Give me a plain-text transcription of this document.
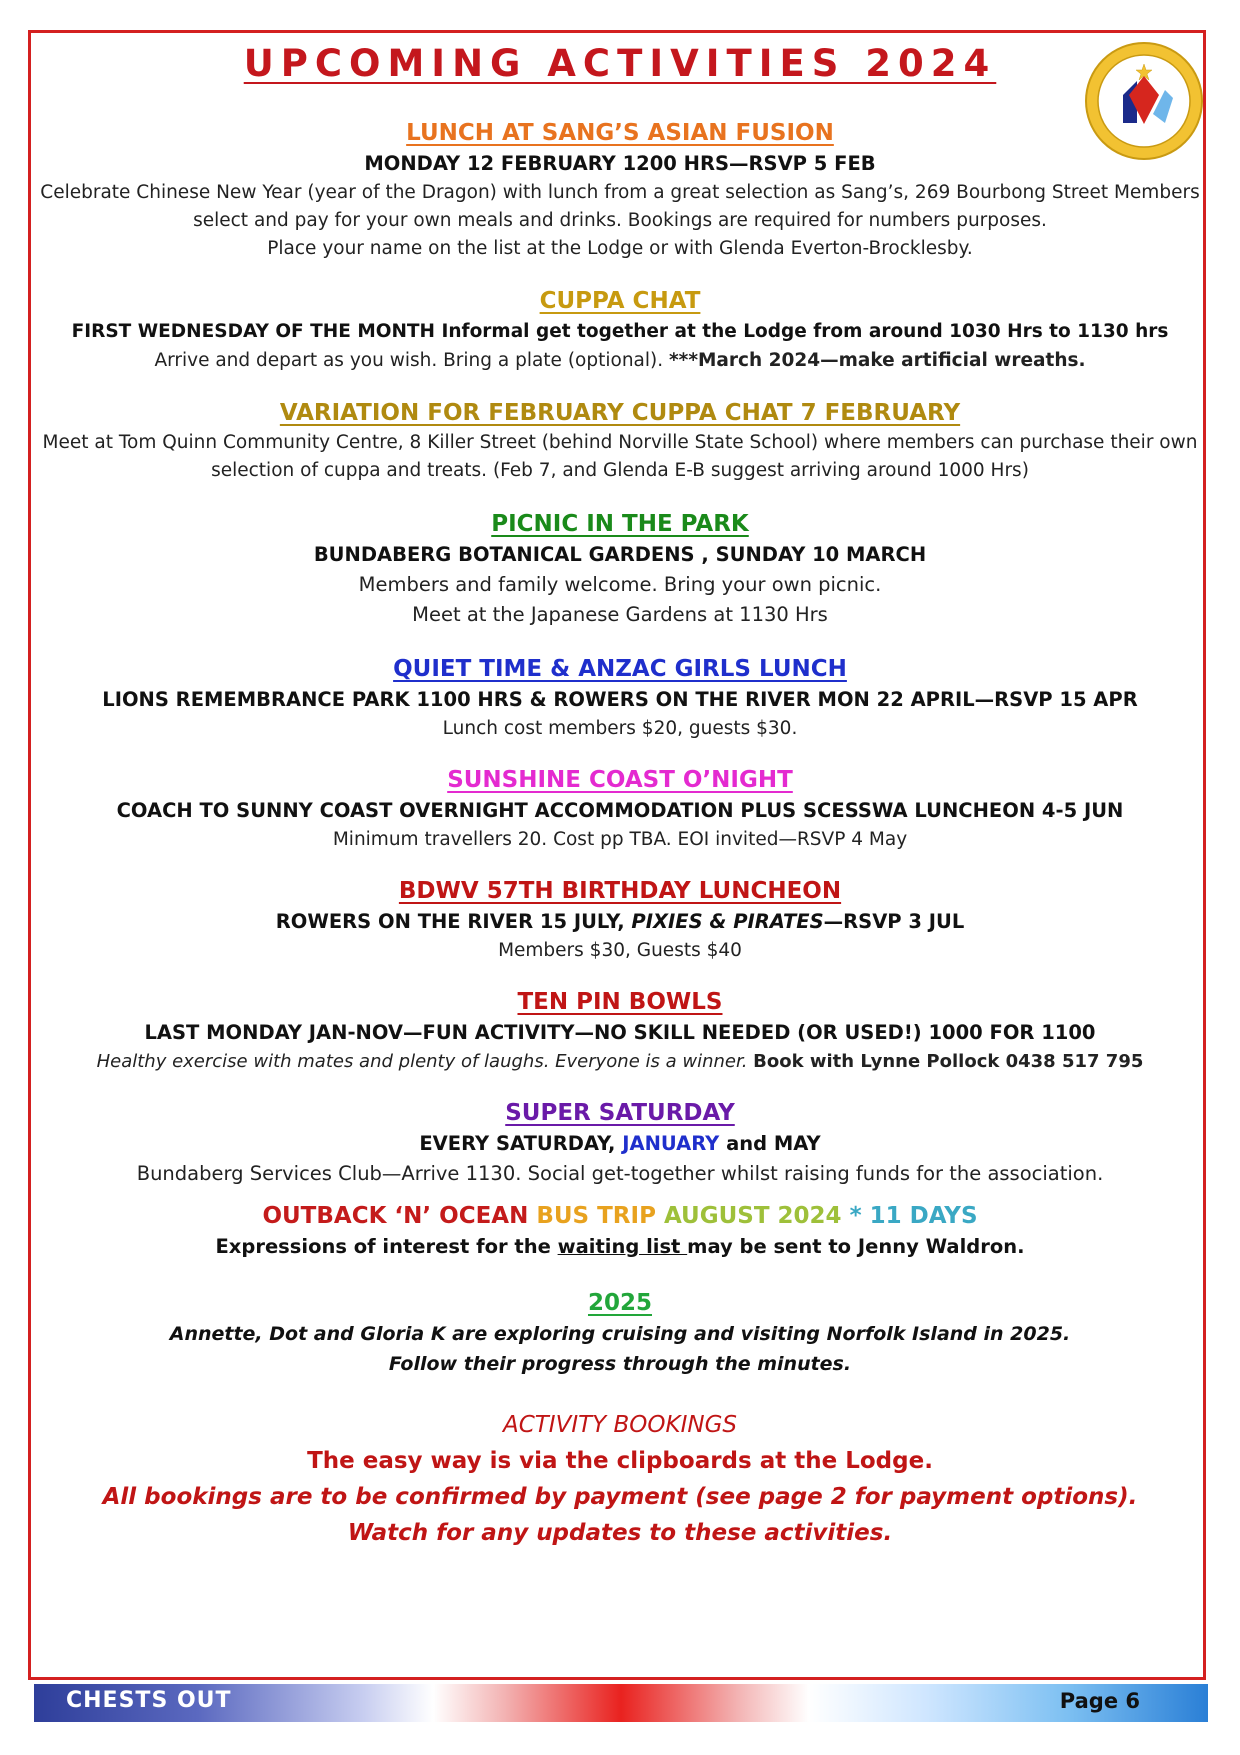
UPCOMING ACTIVITIES 2024

LUNCH AT SANG’S ASIAN FUSION

MONDAY 12 FEBRUARY 1200 HRS—RSVP 5 FEB

Celebrate Chinese New Year (year of the Dragon) with lunch from a great selection as Sang’s, 269 Bourbong Street Members

select and pay for your own meals and drinks. Bookings are required for numbers purposes.

Place your name on the list at the Lodge or with Glenda Everton-Brocklesby.

CUPPA CHAT

FIRST WEDNESDAY OF THE MONTH Informal get together at the Lodge from around 1030 Hrs to 1130 hrs

Arrive and depart as you wish. Bring a plate (optional). ***March 2024—make artificial wreaths.

VARIATION FOR FEBRUARY CUPPA CHAT 7 FEBRUARY

Meet at Tom Quinn Community Centre, 8 Killer Street (behind Norville State School) where members can purchase their own

selection of cuppa and treats. (Feb 7, and Glenda E-B suggest arriving around 1000 Hrs)

PICNIC IN THE PARK

BUNDABERG BOTANICAL GARDENS , SUNDAY 10 MARCH

Members and family welcome. Bring your own picnic.

Meet at the Japanese Gardens at 1130 Hrs

QUIET TIME & ANZAC GIRLS LUNCH

LIONS REMEMBRANCE PARK 1100 HRS & ROWERS ON THE RIVER MON 22 APRIL—RSVP 15 APR

Lunch cost members $20, guests $30.

SUNSHINE COAST O’NIGHT

COACH TO SUNNY COAST OVERNIGHT ACCOMMODATION PLUS SCESSWA LUNCHEON 4-5 JUN

Minimum travellers 20. Cost pp TBA. EOI invited—RSVP 4 May

BDWV 57TH BIRTHDAY LUNCHEON

ROWERS ON THE RIVER 15 JULY, PIXIES & PIRATES—RSVP 3 JUL

Members $30, Guests $40

TEN PIN BOWLS

LAST MONDAY JAN-NOV—FUN ACTIVITY—NO SKILL NEEDED (OR USED!) 1000 FOR 1100

Healthy exercise with mates and plenty of laughs. Everyone is a winner. Book with Lynne Pollock 0438 517 795

SUPER SATURDAY

EVERY SATURDAY, JANUARY and MAY

Bundaberg Services Club—Arrive 1130. Social get-together whilst raising funds for the association.

OUTBACK ‘N’ OCEAN BUS TRIP AUGUST 2024 * 11 DAYS

Expressions of interest for the waiting list may be sent to Jenny Waldron.

2025

Annette, Dot and Gloria K are exploring cruising and visiting Norfolk Island in 2025.

Follow their progress through the minutes.

ACTIVITY BOOKINGS

The easy way is via the clipboards at the Lodge.

All bookings are to be confirmed by payment (see page 2 for payment options).

Watch for any updates to these activities.

CHESTS OUT	Page 6
